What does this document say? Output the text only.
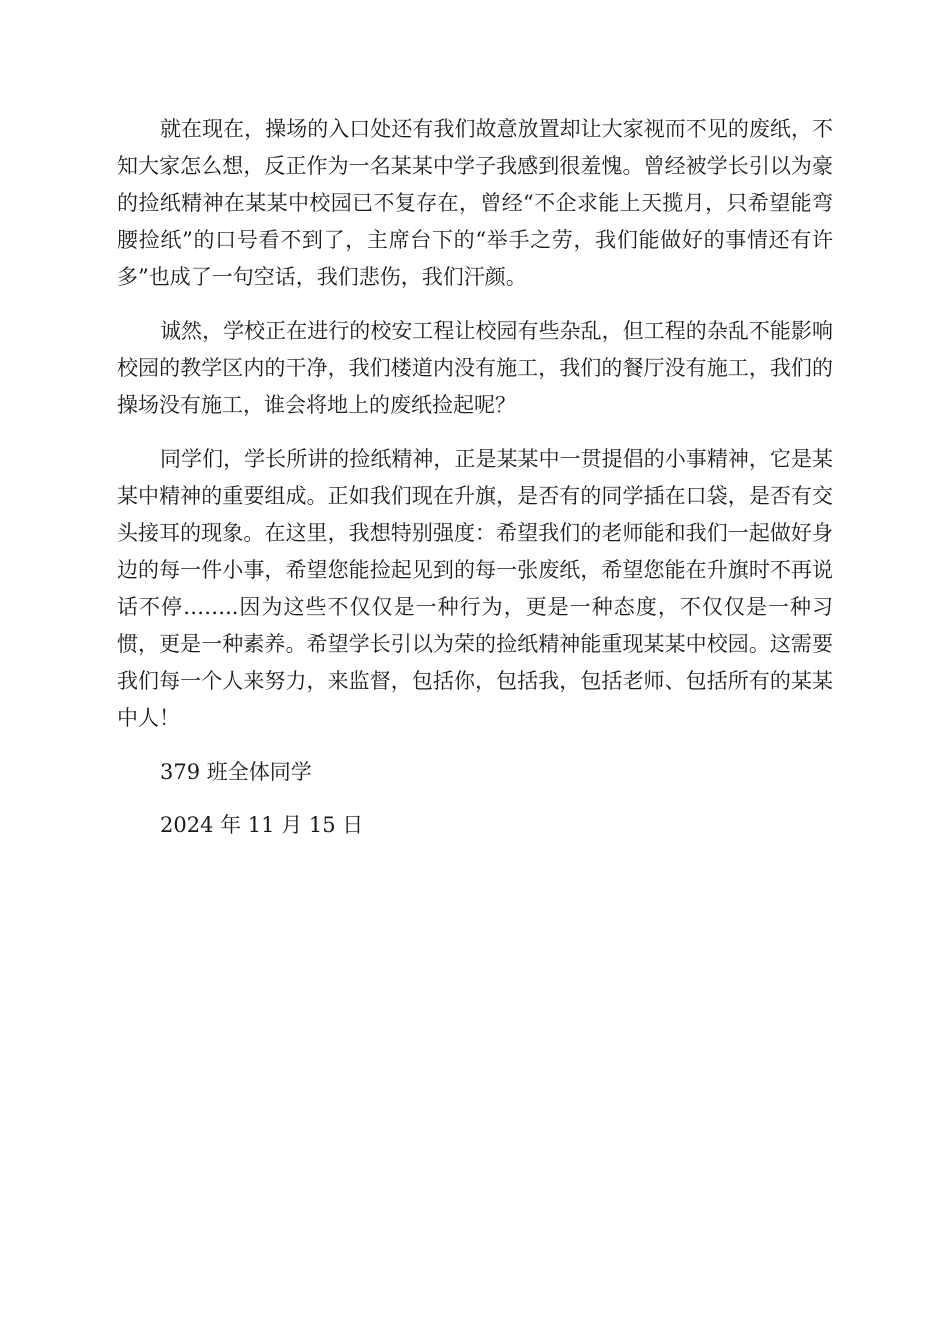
就在现在，操场的入口处还有我们故意放置却让大家视而不见的废纸，不知大家怎么想，反正作为一名某某中学子我感到很羞愧。曾经被学长引以为豪的捡纸精神在某某中校园已不复存在，曾经“不企求能上天揽月，只希望能弯腰捡纸”的口号看不到了，主席台下的“举手之劳，我们能做好的事情还有许多”也成了一句空话，我们悲伤，我们汗颜。

诚然，学校正在进行的校安工程让校园有些杂乱，但工程的杂乱不能影响校园的教学区内的干净，我们楼道内没有施工，我们的餐厅没有施工，我们的操场没有施工，谁会将地上的废纸捡起呢？

同学们，学长所讲的捡纸精神，正是某某中一贯提倡的小事精神，它是某某中精神的重要组成。正如我们现在升旗，是否有的同学插在口袋，是否有交头接耳的现象。在这里，我想特别强度：希望我们的老师能和我们一起做好身边的每一件小事，希望您能捡起见到的每一张废纸，希望您能在升旗时不再说话不停……..因为这些不仅仅是一种行为，更是一种态度，不仅仅是一种习惯，更是一种素养。希望学长引以为荣的捡纸精神能重现某某中校园。这需要我们每一个人来努力，来监督，包括你，包括我，包括老师、包括所有的某某中人！

379 班全体同学
2024 年 11 月 15 日
